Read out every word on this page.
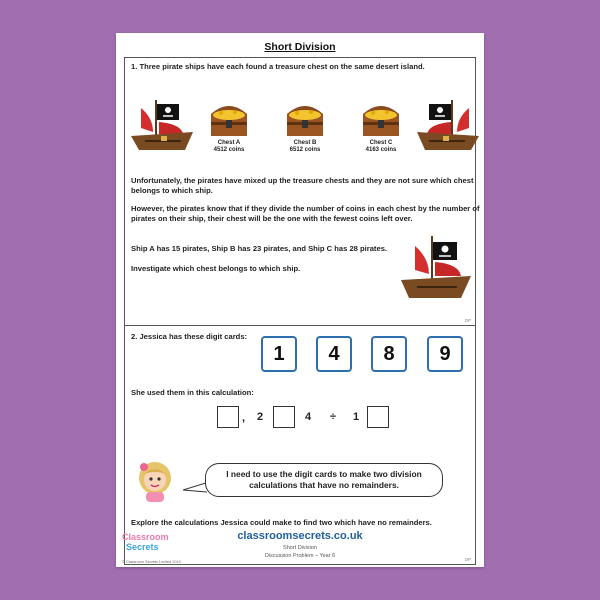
Short Division
1. Three pirate ships have each found a treasure chest on the same desert island.
Chest A
4512 coins
Chest B
6512 coins
Chest C
4163 coins
Unfortunately, the pirates have mixed up the treasure chests and they are not sure which chest belongs to which ship.
However, the pirates know that if they divide the number of coins in each chest by the number of pirates on their ship, their chest will be the one with the fewest coins left over.
Ship A has 15 pirates, Ship B has 23 pirates, and Ship C has 28 pirates.
Investigate which chest belongs to which ship.
DP
2. Jessica has these digit cards:
1	4	8	9
She used them in this calculation:
, 2	4 ÷ 1
I need to use the digit cards to make two division calculations that have no remainders.
Explore the calculations Jessica could make to find two which have no remainders.
DP
Classroom
Secrets
© Classroom Secrets Limited 2019
classroomsecrets.co.uk
Short Division
Discussion Problem – Year 6
